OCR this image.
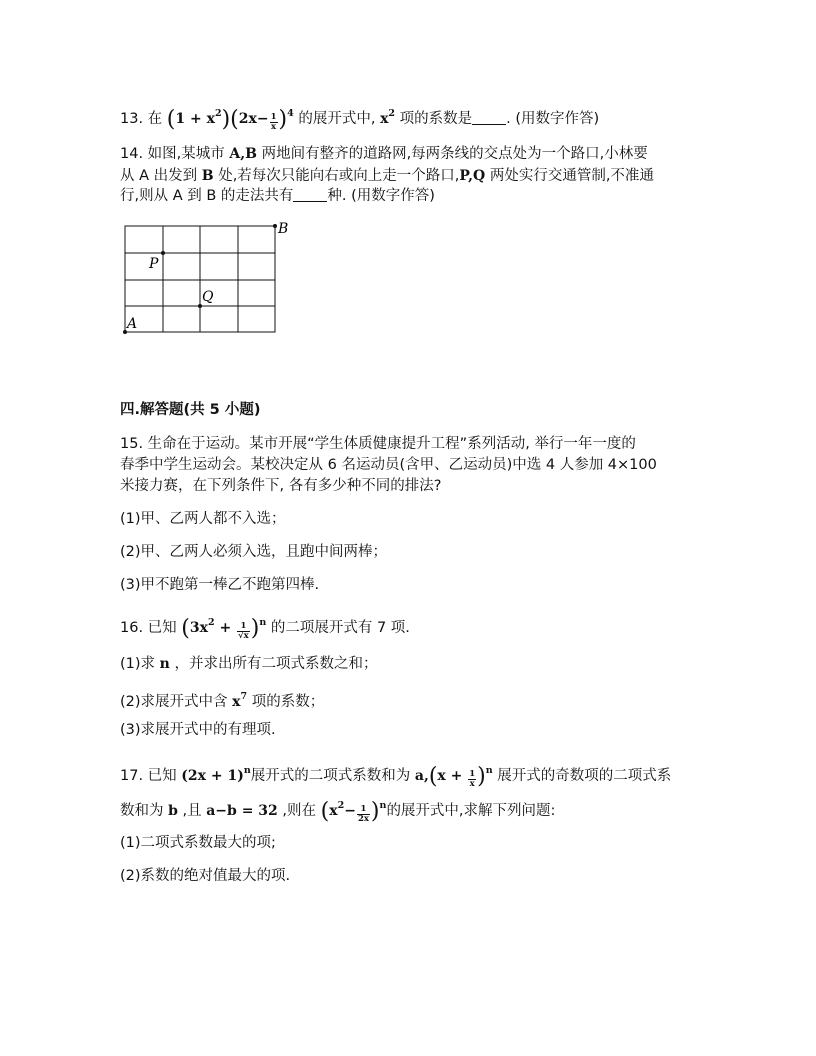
13. 在 $(1 + x^2)(2x- \frac{1}{x} )^4$ 的展开式中, $x^2$ 项的系数是 . (用数字作答)
14. 如图,某城市 A,B 两地间有整齐的道路网,每两条线的交点处为一个路口,小林要
从 A 出发到 B 处,若每次只能向右或向上走一个路口,P,Q 两处实行交通管制,不准通
行,则从 A 到 B 的走法共有 种. (用数字作答)
B
P
Q
A
四.解答题(共 5 小题)
15. 生命在于运动。某市开展“学生体质健康提升工程”系列活动, 举行一年一度的
春季中学生运动会。某校决定从 6 名运动员(含甲、乙运动员)中选 4 人参加 4×100
米接力赛，在下列条件下, 各有多少种不同的排法?
(1)甲、乙两人都不入选；
(2)甲、乙两人必须入选，且跑中间两棒；
(3)甲不跑第一棒乙不跑第四棒.
16. 已知 $(3x^2 + \frac{1}{√x} )^n$ 的二项展开式有 7 项.
(1)求 n ，并求出所有二项式系数之和；
(2)求展开式中含 $x^7$ 项的系数；
(3)求展开式中的有理项.
17. 已知 $(2x + 1)^n$展开式的二项式系数和为 $a,(x + \frac{1}{x} )^n$ 展开式的奇数项的二项式系
数和为 b ,且 a−b = 32 ,则在 $(x^2- \frac{1}{2x} )^n$的展开式中,求解下列问题:
(1)二项式系数最大的项;
(2)系数的绝对值最大的项.
